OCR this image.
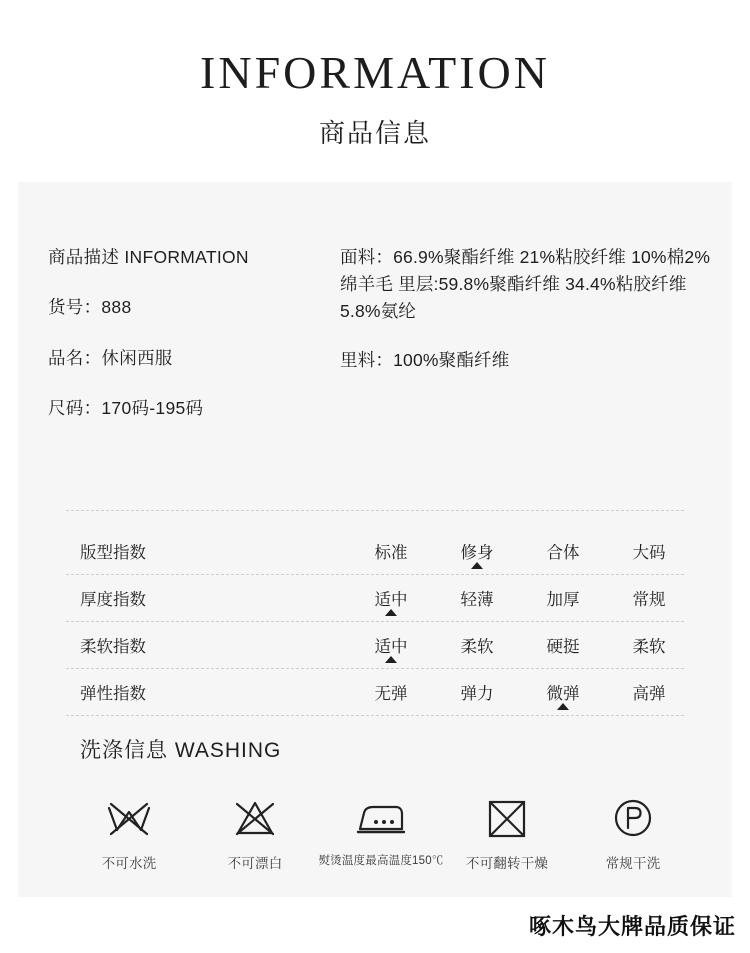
INFORMATION
商品信息
商品描述 INFORMATION
货号：888
品名：休闲西服
尺码：170码-195码
面料：66.9%聚酯纤维 21%粘胶纤维 10%棉2%绵羊毛 里层:59.8%聚酯纤维 34.4%粘胶纤维 5.8%氨纶
里料：100%聚酯纤维
版型指数	标准	修身	合体	大码
厚度指数	适中	轻薄	加厚	常规
柔软指数	适中	柔软	硬挺	柔软
弹性指数	无弹	弹力	微弹	高弹
洗涤信息 WASHING
不可水洗	不可漂白	熨烫温度最高温度150℃	不可翻转干燥	常规干洗
啄木鸟大牌品质保证
